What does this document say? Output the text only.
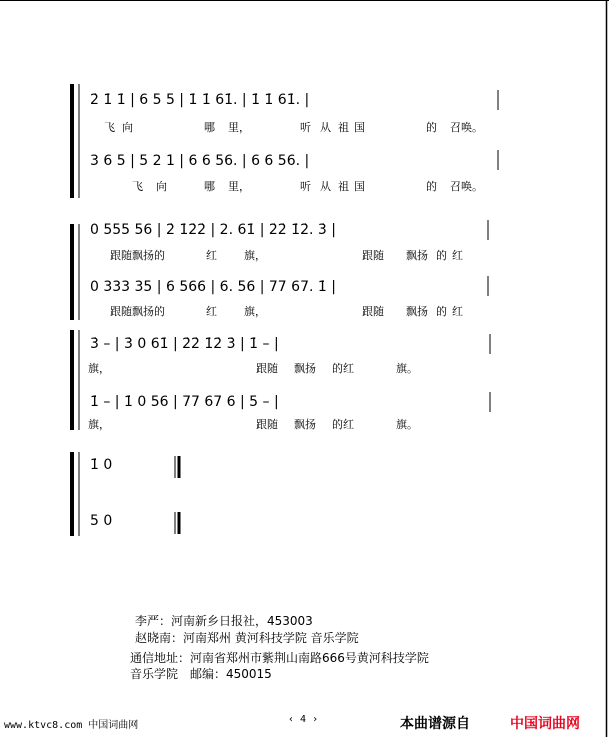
2̇ 1̇ 1̇ | 6 5 5 | 1̇ 1̇ 61̇. | 1̇ 1̇ 61̇. |
飞 向	哪 里，	听 从 祖 国	的 召唤。
3 6 5 | 5 2 1 | 6 6 56. | 6 6 56. |
飞 向	哪 里，	听 从 祖 国	的 召唤。
0 555 56 | 2̇ 1̇2̇2̇ | 2. 61̇ | 2̇2̇ 1̇2̇. 3̇ |
跟随飘扬的	红 旗，	跟随 飘扬 的 红
0 333 35 | 6 566 | 6. 56 | 77 67. 1̇ |
跟随飘扬的	红 旗，	跟随 飘扬 的 红
3̇ – | 3̇ 0 61̇ | 2̇2̇ 1̇2̇ 3̇ | 1̇ – |
旗，	跟随 飘扬 的红	旗。
1̇ – | 1̇ 0 56 | 77 67 6 | 5 – |
旗，	跟随 飘扬 的红	旗。
1̇ 0
5 0
李严：河南新乡日报社，453003
赵晓南：河南郑州 黄河科技学院 音乐学院
通信地址：河南省郑州市紫荆山南路666号黄河科技学院
音乐学院　邮编：450015
www.ktvc8.com 中国词曲网
‹ 4 ›	本曲谱源自	中国词曲网
